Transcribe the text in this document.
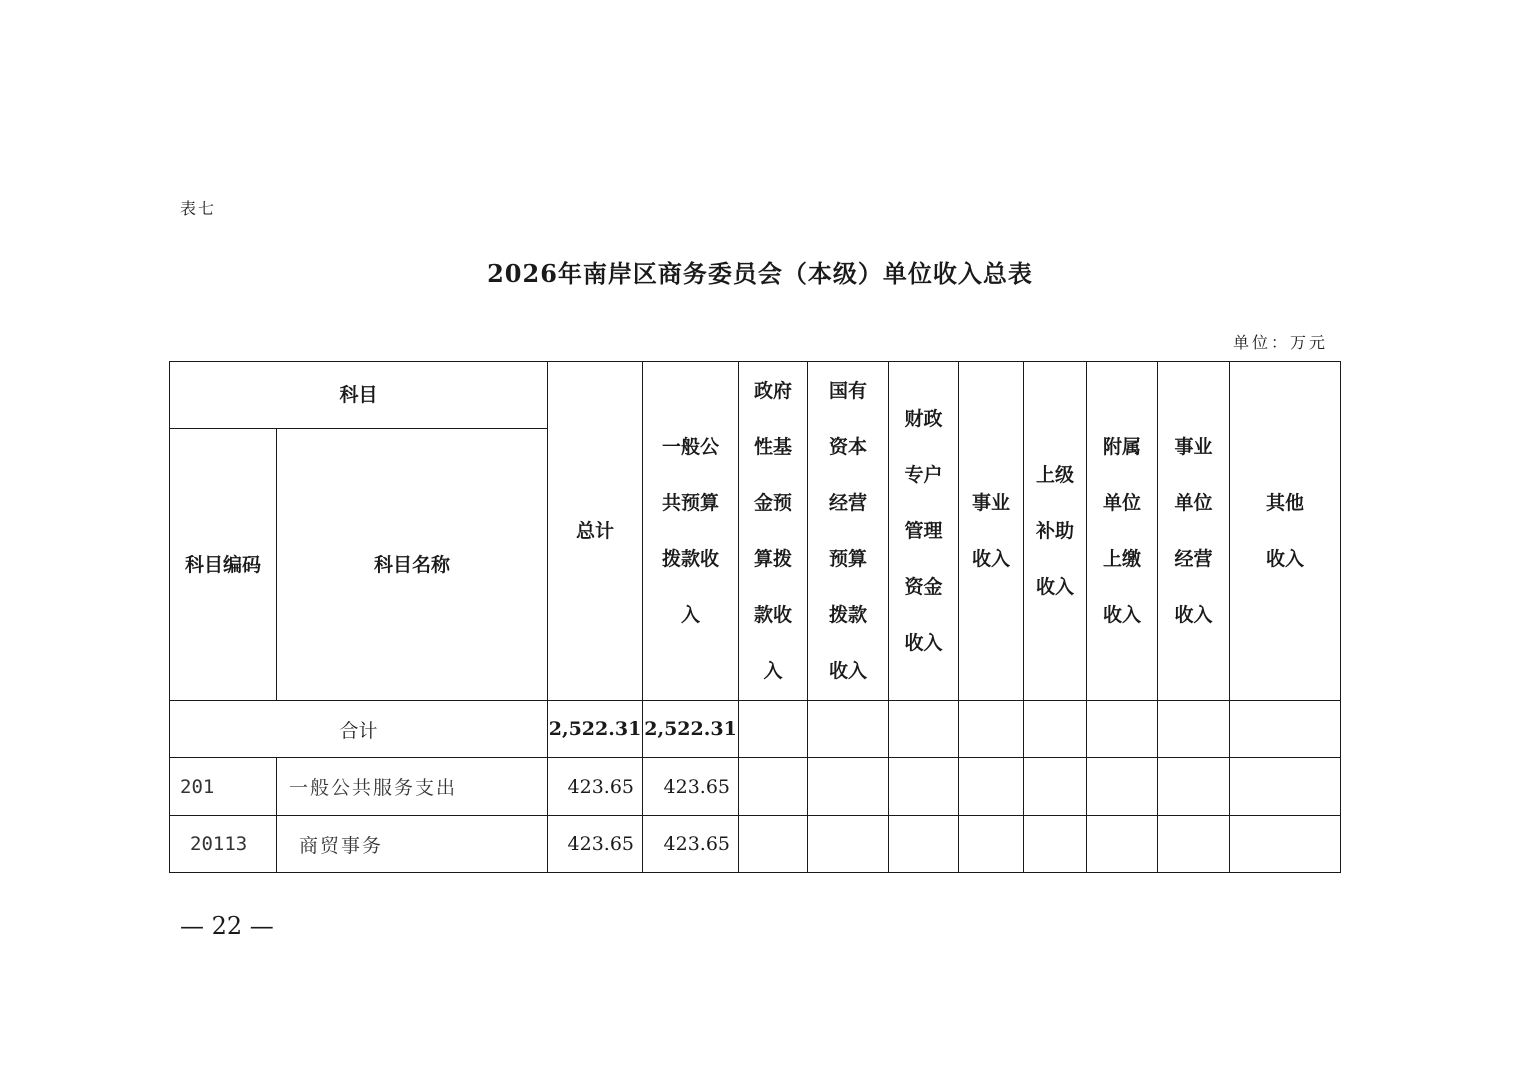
表七
2026年南岸区商务委员会（本级）单位收入总表
单位：万元
科目		总计	一般公共预算拨款收入	政府性基金预算拨款收入	国有资本经营预算拨款收入	财政专户管理资金收入	事业收入	上级补助收入	附属单位上缴收入	事业单位经营收入	其他收入
科目编码	科目名称										
合计		2,522.31	2,522.31								
201	一般公共服务支出	423.65	423.65								
20113	商贸事务	423.65	423.65								
— 22 —
